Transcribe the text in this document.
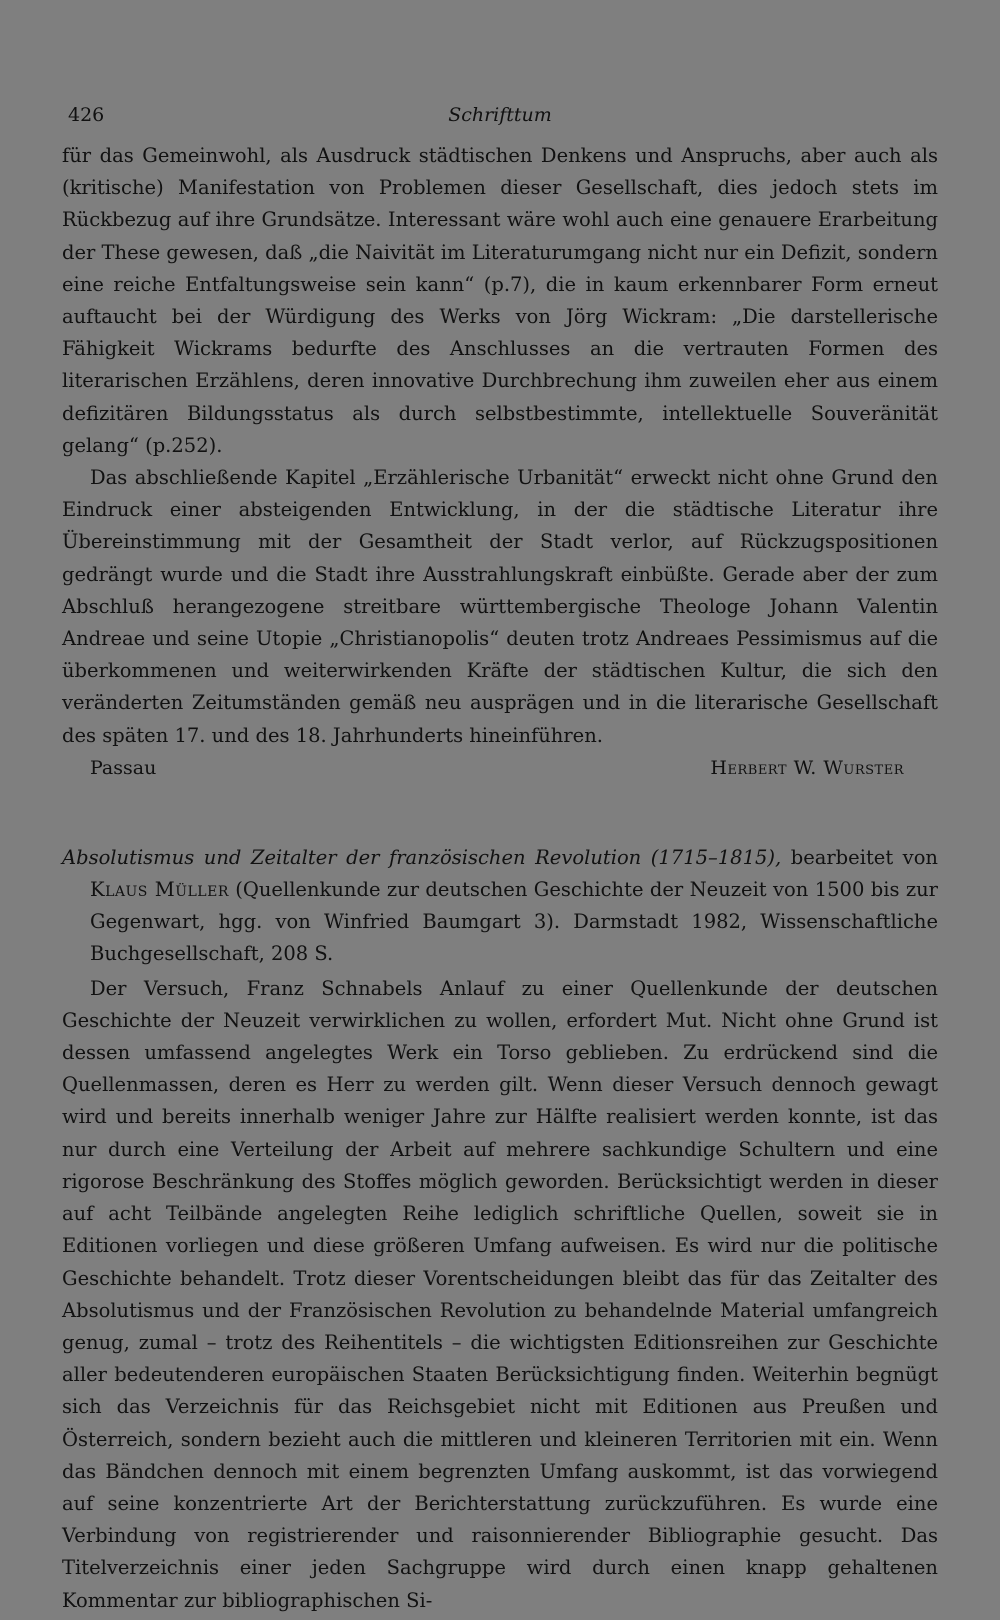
426	Schrifttum

für das Gemeinwohl, als Ausdruck städtischen Denkens und Anspruchs, aber auch als (kritische) Manifestation von Problemen dieser Gesellschaft, dies jedoch stets im Rückbezug auf ihre Grundsätze. Interessant wäre wohl auch eine genauere Erarbeitung der These gewesen, daß „die Naivität im Literaturumgang nicht nur ein Defizit, sondern eine reiche Entfaltungsweise sein kann“ (p.7), die in kaum erkennbarer Form erneut auftaucht bei der Würdigung des Werks von Jörg Wickram: „Die darstellerische Fähigkeit Wickrams bedurfte des Anschlusses an die vertrauten Formen des literarischen Erzählens, deren innovative Durchbrechung ihm zuweilen eher aus einem defizitären Bildungsstatus als durch selbstbestimmte, intellektuelle Souveränität gelang“ (p.252).

Das abschließende Kapitel „Erzählerische Urbanität“ erweckt nicht ohne Grund den Eindruck einer absteigenden Entwicklung, in der die städtische Literatur ihre Übereinstimmung mit der Gesamtheit der Stadt verlor, auf Rückzugspositionen gedrängt wurde und die Stadt ihre Ausstrahlungskraft einbüßte. Gerade aber der zum Abschluß herangezogene streitbare württembergische Theologe Johann Valentin Andreae und seine Utopie „Christianopolis“ deuten trotz Andreaes Pessimismus auf die überkommenen und weiterwirkenden Kräfte der städtischen Kultur, die sich den veränderten Zeitumständen gemäß neu ausprägen und in die literarische Gesellschaft des späten 17. und des 18. Jahrhunderts hineinführen.

Passau	Herbert W. Wurster

Absolutismus und Zeitalter der französischen Revolution (1715–1815), bearbeitet von Klaus Müller (Quellenkunde zur deutschen Geschichte der Neuzeit von 1500 bis zur Gegenwart, hgg. von Winfried Baumgart 3). Darmstadt 1982, Wissenschaftliche Buchgesellschaft, 208 S.

Der Versuch, Franz Schnabels Anlauf zu einer Quellenkunde der deutschen Geschichte der Neuzeit verwirklichen zu wollen, erfordert Mut. Nicht ohne Grund ist dessen umfassend angelegtes Werk ein Torso geblieben. Zu erdrückend sind die Quellenmassen, deren es Herr zu werden gilt. Wenn dieser Versuch dennoch gewagt wird und bereits innerhalb weniger Jahre zur Hälfte realisiert werden konnte, ist das nur durch eine Verteilung der Arbeit auf mehrere sachkundige Schultern und eine rigorose Beschränkung des Stoffes möglich geworden. Berücksichtigt werden in dieser auf acht Teilbände angelegten Reihe lediglich schriftliche Quellen, soweit sie in Editionen vorliegen und diese größeren Umfang aufweisen. Es wird nur die politische Geschichte behandelt. Trotz dieser Vorentscheidungen bleibt das für das Zeitalter des Absolutismus und der Französischen Revolution zu behandelnde Material umfangreich genug, zumal – trotz des Reihentitels – die wichtigsten Editionsreihen zur Geschichte aller bedeutenderen europäischen Staaten Berücksichtigung finden. Weiterhin begnügt sich das Verzeichnis für das Reichsgebiet nicht mit Editionen aus Preußen und Österreich, sondern bezieht auch die mittleren und kleineren Territorien mit ein. Wenn das Bändchen dennoch mit einem begrenzten Umfang auskommt, ist das vorwiegend auf seine konzentrierte Art der Berichterstattung zurückzuführen. Es wurde eine Verbindung von registrierender und raisonnierender Bibliographie gesucht. Das Titelverzeichnis einer jeden Sachgruppe wird durch einen knapp gehaltenen Kommentar zur bibliographischen Si-
